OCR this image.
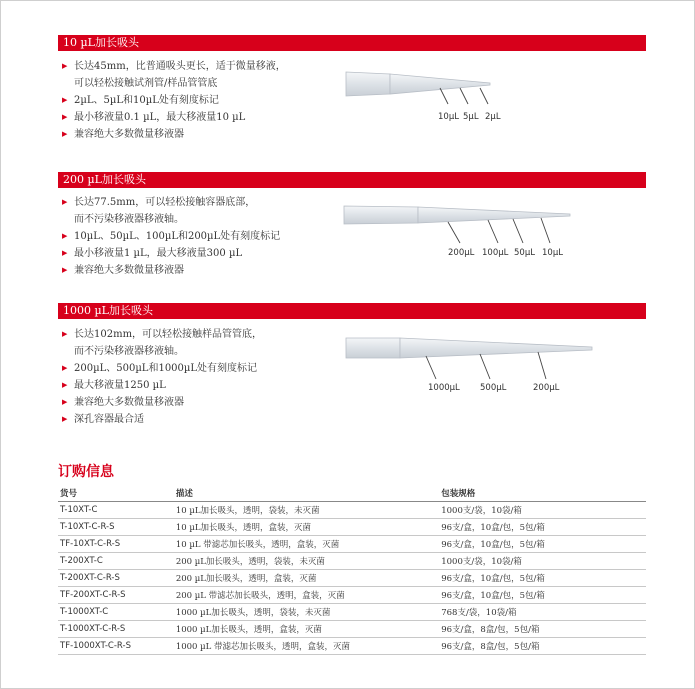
10 µL加长吸头
▶ 长达45mm，比普通吸头更长，适于微量移液，
可以轻松接触试剂管/样品管管底
▶ 2µL、5µL和10µL处有刻度标记
▶ 最小移液量0.1 µL，最大移液量10 µL
▶ 兼容绝大多数微量移液器
10µL 5µL 2µL
200 µL加长吸头
▶ 长达77.5mm，可以轻松接触容器底部，
而不污染移液器移液轴。
▶ 10µL、50µL、100µL和200µL处有刻度标记
▶ 最小移液量1 µL，最大移液量300 µL
▶ 兼容绝大多数微量移液器
200µL 100µL 50µL 10µL
1000 µL加长吸头
▶ 长达102mm，可以轻松接触样品管管底，
而不污染移液器移液轴。
▶ 200µL、500µL和1000µL处有刻度标记
▶ 最大移液量1250 µL
▶ 兼容绝大多数微量移液器
▶ 深孔容器最合适
1000µL 500µL	200µL
订购信息
货号	描述	包装规格
T-10XT-C	10 µL加长吸头，透明，袋装，未灭菌	1000支/袋，10袋/箱
T-10XT-C-R-S	10 µL加长吸头，透明，盒装，灭菌	96支/盒，10盒/包，5包/箱
TF-10XT-C-R-S	10 µL 带滤芯加长吸头，透明，盒装，灭菌	96支/盒，10盒/包，5包/箱
T-200XT-C	200 µL加长吸头，透明，袋装，未灭菌	1000支/袋，10袋/箱
T-200XT-C-R-S	200 µL加长吸头，透明，盒装，灭菌	96支/盒，10盒/包，5包/箱
TF-200XT-C-R-S	200 µL 带滤芯加长吸头，透明，盒装，灭菌	96支/盒，10盒/包，5包/箱
T-1000XT-C	1000 µL加长吸头，透明，袋装，未灭菌	768支/袋，10袋/箱
T-1000XT-C-R-S	1000 µL加长吸头，透明，盒装，灭菌	96支/盒，8盒/包，5包/箱
TF-1000XT-C-R-S	1000 µL 带滤芯加长吸头，透明，盒装，灭菌	96支/盒，8盒/包，5包/箱
